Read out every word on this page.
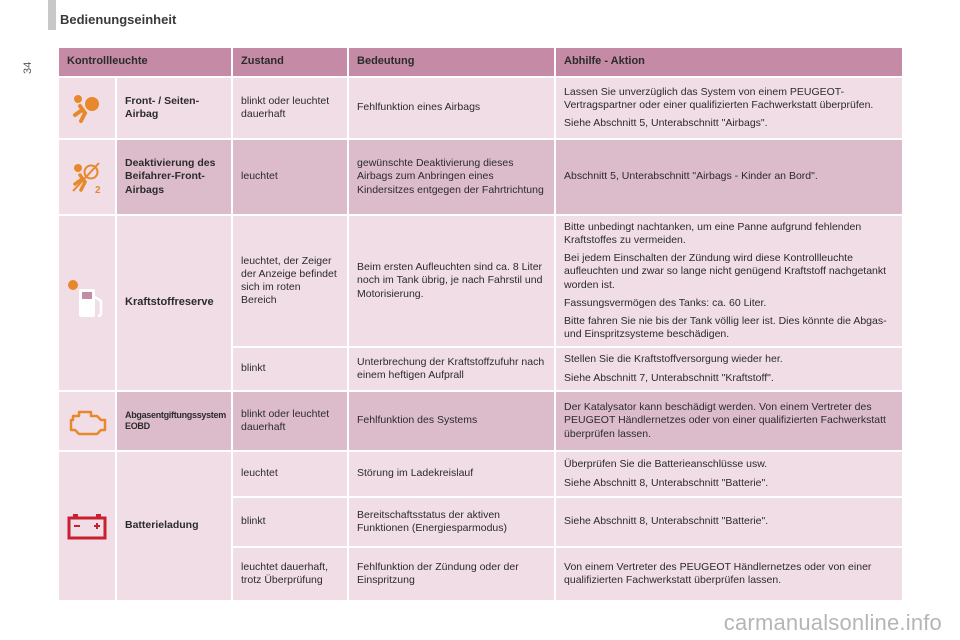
Bedienungseinheit
34
Kontrollleuchte		Zustand	Bedeutung	Abhilfe - Aktion

	Front- / Seiten-Airbag	blinkt oder leuchtet dauerhaft	Fehlfunktion eines Airbags	Lassen Sie unverzüglich das System von einem PEUGEOT-Vertragspartner oder einer qualifizierten Fachwerkstatt überprüfen.

Siehe Abschnitt 5, Unterabschnitt "Airbags".

2	Deaktivierung des Beifahrer-Front-Airbags	leuchtet	gewünschte Deaktivierung dieses Airbags zum Anbringen eines Kindersitzes entgegen der Fahrtrichtung	Abschnitt 5, Unterabschnitt "Airbags - Kinder an Bord".

	Kraftstoffreserve	leuchtet, der Zeiger der Anzeige befindet sich im roten Bereich	Beim ersten Aufleuchten sind ca. 8 Liter noch im Tank übrig, je nach Fahrstil und Motorisierung.	Bitte unbedingt nachtanken, um eine Panne aufgrund fehlenden Kraftstoffes zu vermeiden.

Bei jedem Einschalten der Zündung wird diese Kontrollleuchte aufleuchten und zwar so lange nicht genügend Kraftstoff nachgetankt worden ist.

Fassungsvermögen des Tanks: ca. 60 Liter.

Bitte fahren Sie nie bis der Tank völlig leer ist. Dies könnte die Abgas- und Einspritzsysteme beschädigen.

		blinkt	Unterbrechung der Kraftstoffzufuhr nach einem heftigen Aufprall	Stellen Sie die Kraftstoffversorgung wieder her.

Siehe Abschnitt 7, Unterabschnitt "Kraftstoff".

	Abgasentgiftungssystem EOBD	blinkt oder leuchtet dauerhaft	Fehlfunktion des Systems	Der Katalysator kann beschädigt werden. Von einem Vertreter des PEUGEOT Händlernetzes oder von einer qualifizierten Fachwerkstatt überprüfen lassen.

	Batterieladung	leuchtet	Störung im Ladekreislauf	Überprüfen Sie die Batterieanschlüsse usw.

Siehe Abschnitt 8, Unterabschnitt "Batterie".

		blinkt	Bereitschaftsstatus der aktiven Funktionen (Energiesparmodus)	Siehe Abschnitt 8, Unterabschnitt "Batterie".

		leuchtet dauerhaft, trotz Überprüfung	Fehlfunktion der Zündung oder der Einspritzung	Von einem Vertreter des PEUGEOT Händlernetzes oder von einer qualifizierten Fachwerkstatt überprüfen lassen.

carmanualsonline.info
